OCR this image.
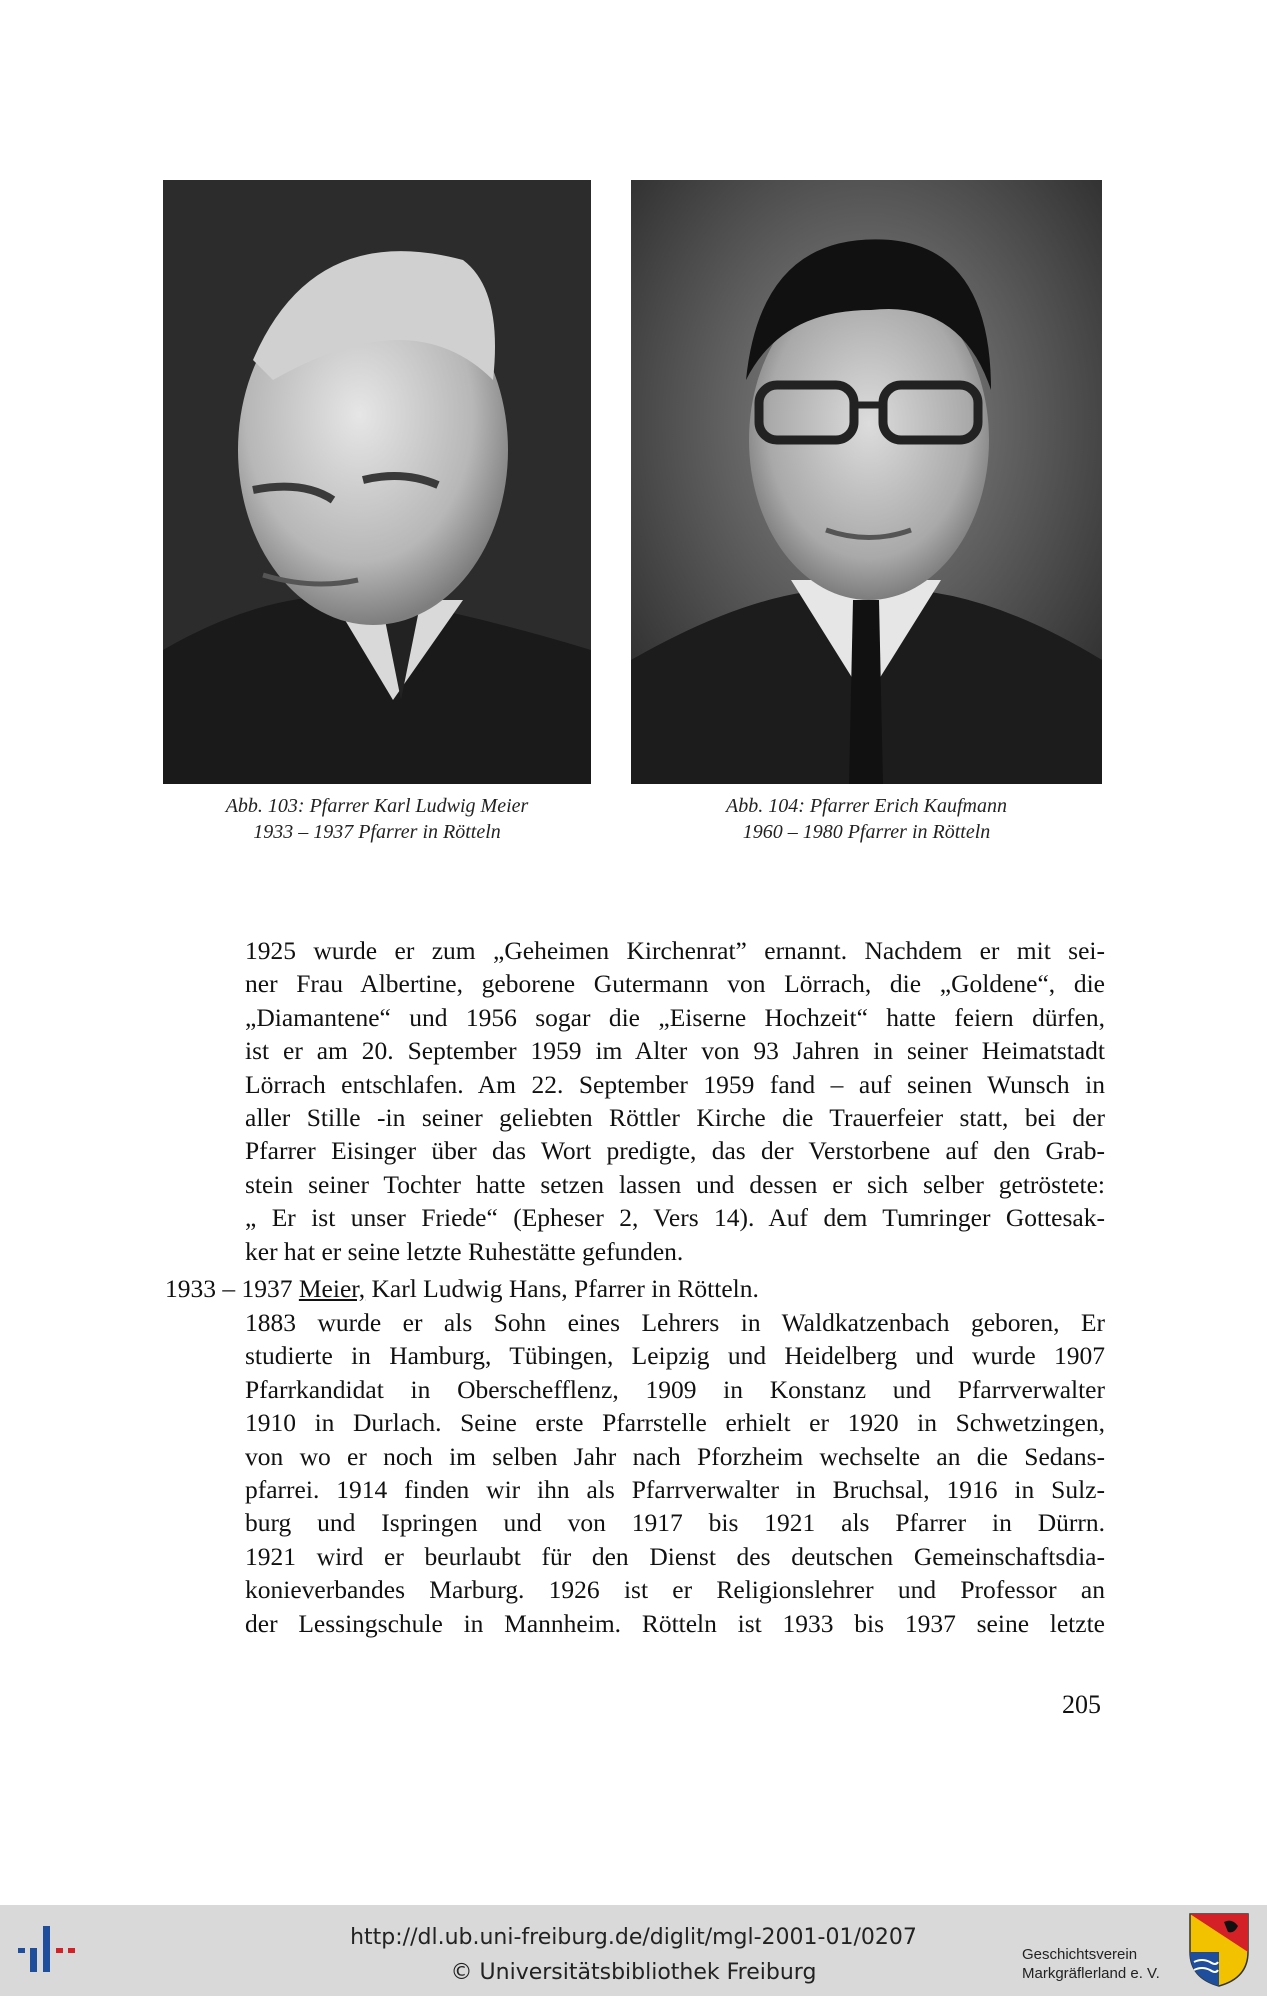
Abb. 103: Pfarrer Karl Ludwig Meier
1933 – 1937 Pfarrer in Rötteln
Abb. 104: Pfarrer Erich Kaufmann
1960 – 1980 Pfarrer in Rötteln
1925 wurde er zum „Geheimen Kirchenrat” ernannt. Nachdem er mit sei-
ner Frau Albertine, geborene Gutermann von Lörrach, die „Goldene“, die
„Diamantene“ und 1956 sogar die „Eiserne Hochzeit“ hatte feiern dürfen,
ist er am 20. September 1959 im Alter von 93 Jahren in seiner Heimatstadt
Lörrach entschlafen. Am 22. September 1959 fand – auf seinen Wunsch in
aller Stille -in seiner geliebten Röttler Kirche die Trauerfeier statt, bei der
Pfarrer Eisinger über das Wort predigte, das der Verstorbene auf den Grab-
stein seiner Tochter hatte setzen lassen und dessen er sich selber getröstete:
„ Er ist unser Friede“ (Epheser 2, Vers 14). Auf dem Tumringer Gottesak-
ker hat er seine letzte Ruhestätte gefunden.
1933 – 1937 Meier, Karl Ludwig Hans, Pfarrer in Rötteln.
1883 wurde er als Sohn eines Lehrers in Waldkatzenbach geboren, Er
studierte in Hamburg, Tübingen, Leipzig und Heidelberg und wurde 1907
Pfarrkandidat in Oberschefflenz, 1909 in Konstanz und Pfarrverwalter
1910 in Durlach. Seine erste Pfarrstelle erhielt er 1920 in Schwetzingen,
von wo er noch im selben Jahr nach Pforzheim wechselte an die Sedans-
pfarrei. 1914 finden wir ihn als Pfarrverwalter in Bruchsal, 1916 in Sulz-
burg und Ispringen und von 1917 bis 1921 als Pfarrer in Dürrn.
1921 wird er beurlaubt für den Dienst des deutschen Gemeinschaftsdia-
konieverbandes Marburg. 1926 ist er Religionslehrer und Professor an
der Lessingschule in Mannheim. Rötteln ist 1933 bis 1937 seine letzte
205
http://dl.ub.uni-freiburg.de/diglit/mgl-2001-01/0207
© Universitätsbibliothek Freiburg
Geschichtsverein
Markgräflerland e. V.
